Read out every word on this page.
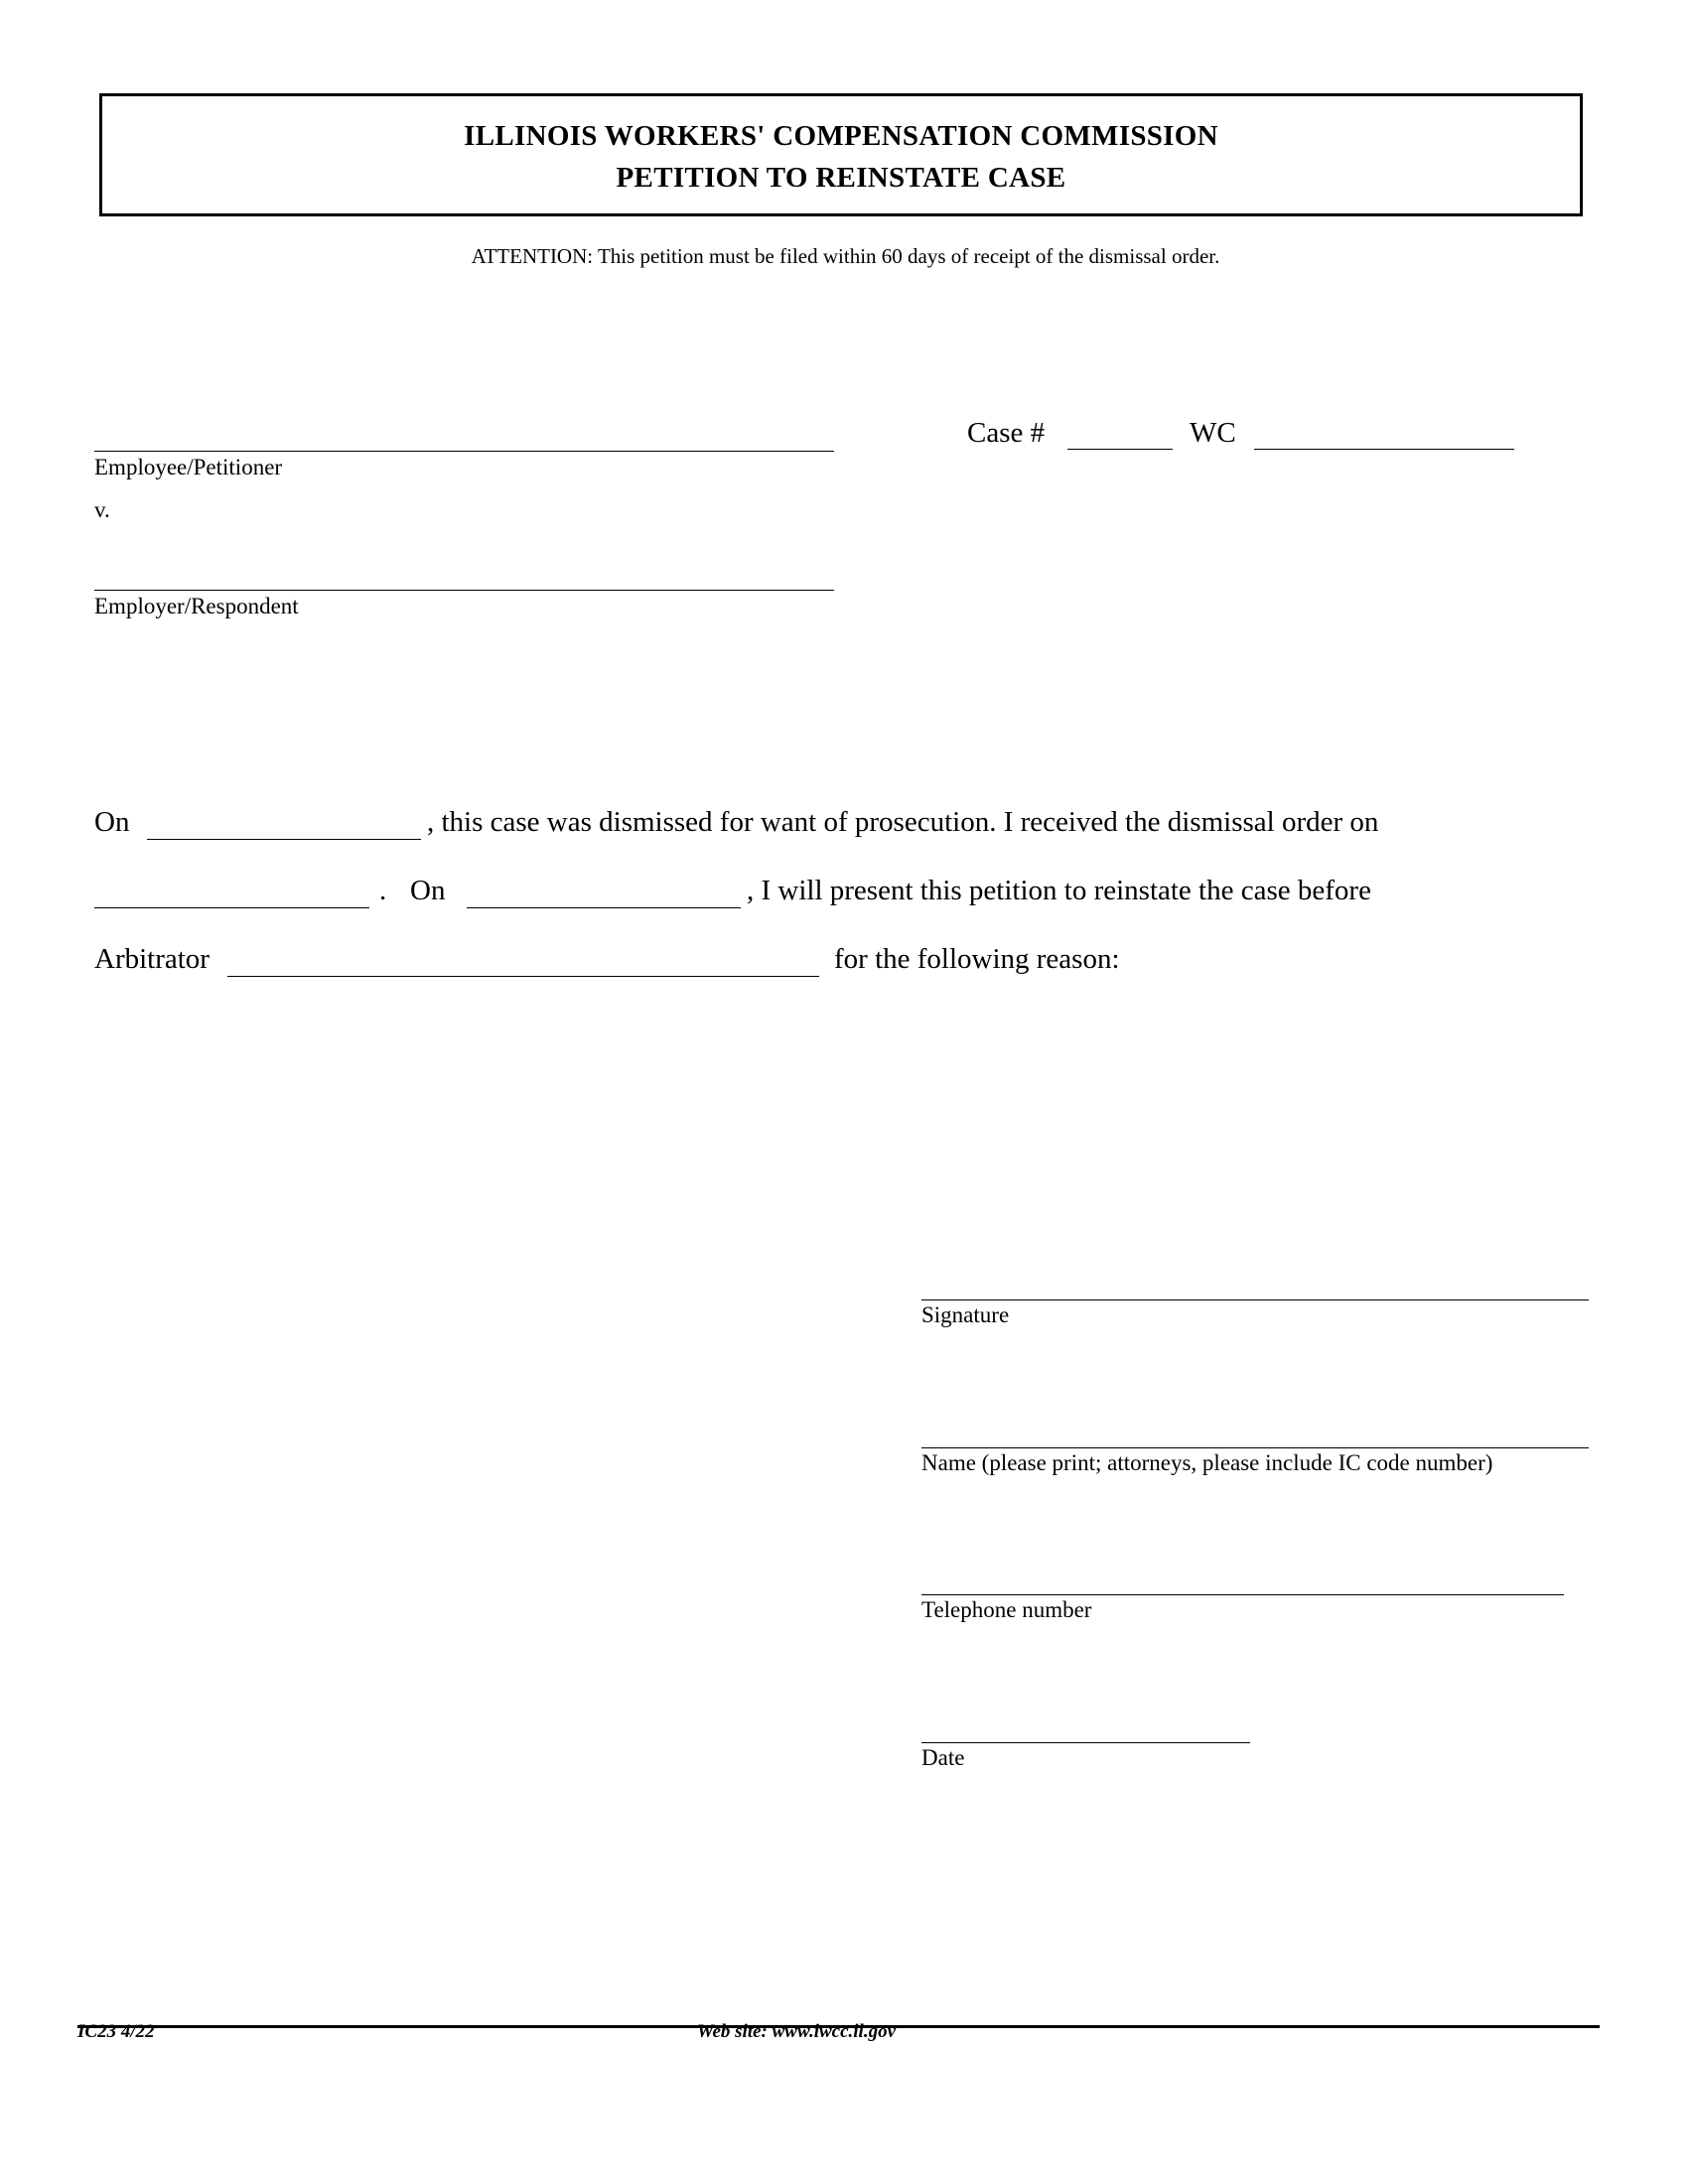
ILLINOIS WORKERS' COMPENSATION COMMISSION
PETITION TO REINSTATE CASE
ATTENTION: This petition must be filed within 60 days of receipt of the dismissal order.
Employee/Petitioner
v.
Employer/Respondent
Case #	WC
On	, this case was dismissed for want of prosecution. I received the dismissal order on
. On	, I will present this petition to reinstate the case before
Arbitrator	for the following reason:
Signature
Name (please print; attorneys, please include IC code number)
Telephone number
Date
IC23 4/22	Web site: www.iwcc.il.gov
